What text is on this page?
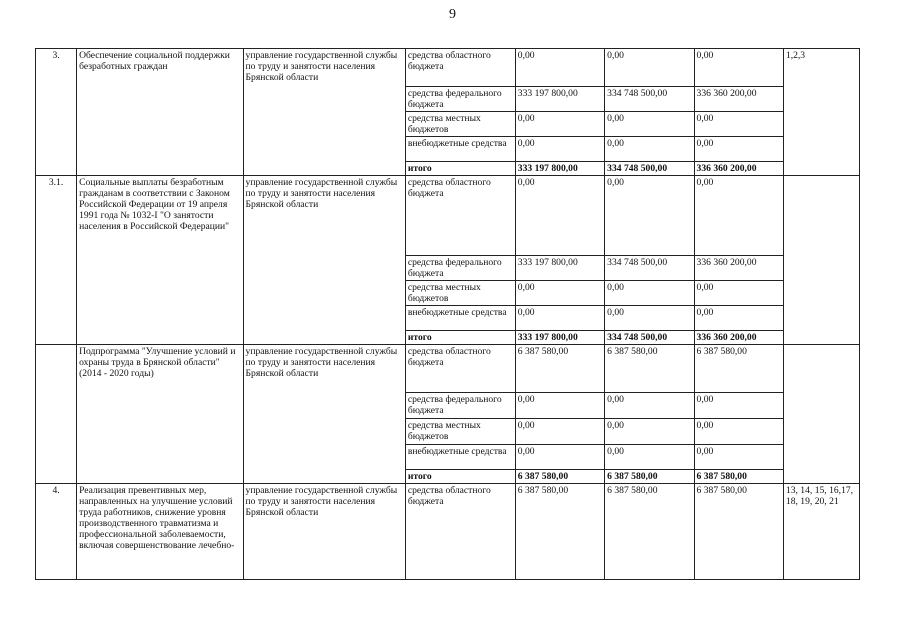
9
3.	Обеспечение социальной поддержки безработных граждан	управление государственной службы по труду и занятости населения Брянской области	средства областного бюджета	0,00	0,00	0,00	1,2,3
			средства федерального бюджета	333 197 800,00	334 748 500,00	336 360 200,00	
			средства местных бюджетов	0,00	0,00	0,00	
			внебюджетные средства	0,00	0,00	0,00	
			итого	333 197 800,00	334 748 500,00	336 360 200,00	
3.1.	Социальные выплаты безработным гражданам в соответствии с Законом Российской Федерации от 19 апреля 1991 года № 1032-I "О занятости населения в Российской Федерации"	управление государственной службы по труду и занятости населения Брянской области	средства областного бюджета	0,00	0,00	0,00	
			средства федерального бюджета	333 197 800,00	334 748 500,00	336 360 200,00	
			средства местных бюджетов	0,00	0,00	0,00	
			внебюджетные средства	0,00	0,00	0,00	
			итого	333 197 800,00	334 748 500,00	336 360 200,00	
	Подпрограмма "Улучшение условий и охраны труда в Брянской области" (2014 - 2020 годы)	управление государственной службы по труду и занятости населения Брянской области	средства областного бюджета	6 387 580,00	6 387 580,00	6 387 580,00	
			средства федерального бюджета	0,00	0,00	0,00	
			средства местных бюджетов	0,00	0,00	0,00	
			внебюджетные средства	0,00	0,00	0,00	
			итого	6 387 580,00	6 387 580,00	6 387 580,00	
4.	Реализация превентивных мер, направленных на улучшение условий труда работников, снижение уровня производственного травматизма и профессиональной заболеваемости, включая совершенствование лечебно-	управление государственной службы по труду и занятости населения Брянской области	средства областного бюджета	6 387 580,00	6 387 580,00	6 387 580,00	13, 14, 15, 16,17, 18, 19, 20, 21
